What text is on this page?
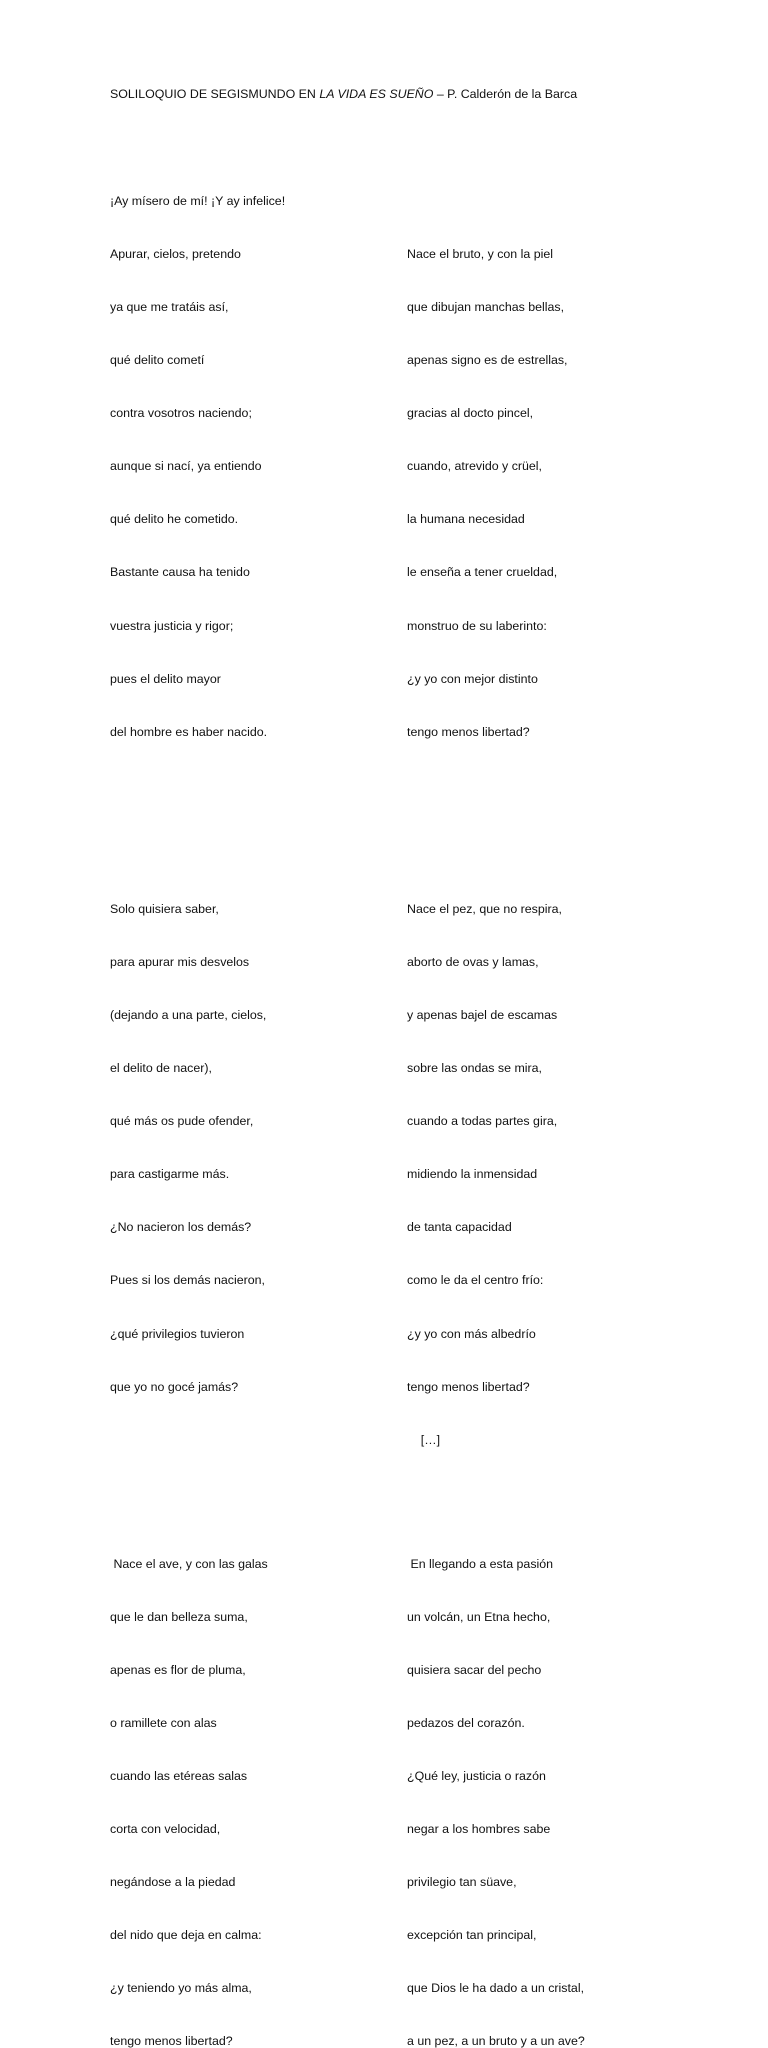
SOLILOQUIO DE SEGISMUNDO EN LA VIDA ES SUEÑO – P. Calderón de la Barca

¡Ay mísero de mí! ¡Y ay infelice!

Apurar, cielos, pretendo

ya que me tratáis así,

qué delito cometí

contra vosotros naciendo;

aunque si nací, ya entiendo

qué delito he cometido.

Bastante causa ha tenido

vuestra justicia y rigor;

pues el delito mayor

del hombre es haber nacido.

Solo quisiera saber,

para apurar mis desvelos

(dejando a una parte, cielos,

el delito de nacer),

qué más os pude ofender,

para castigarme más.

¿No nacieron los demás?

Pues si los demás nacieron,

¿qué privilegios tuvieron

que yo no gocé jamás?

Nace el ave, y con las galas

que le dan belleza suma,

apenas es flor de pluma,

o ramillete con alas

cuando las etéreas salas

corta con velocidad,

negándose a la piedad

del nido que deja en calma:

¿y teniendo yo más alma,

tengo menos libertad?

Nace el bruto, y con la piel

que dibujan manchas bellas,

apenas signo es de estrellas,

gracias al docto pincel,

cuando, atrevido y crüel,

la humana necesidad

le enseña a tener crueldad,

monstruo de su laberinto:

¿y yo con mejor distinto

tengo menos libertad?

Nace el pez, que no respira,

aborto de ovas y lamas,

y apenas bajel de escamas

sobre las ondas se mira,

cuando a todas partes gira,

midiendo la inmensidad

de tanta capacidad

como le da el centro frío:

¿y yo con más albedrío

tengo menos libertad?

[…]

En llegando a esta pasión

un volcán, un Etna hecho,

quisiera sacar del pecho

pedazos del corazón.

¿Qué ley, justicia o razón

negar a los hombres sabe

privilegio tan süave,

excepción tan principal,

que Dios le ha dado a un cristal,

a un pez, a un bruto y a un ave?
